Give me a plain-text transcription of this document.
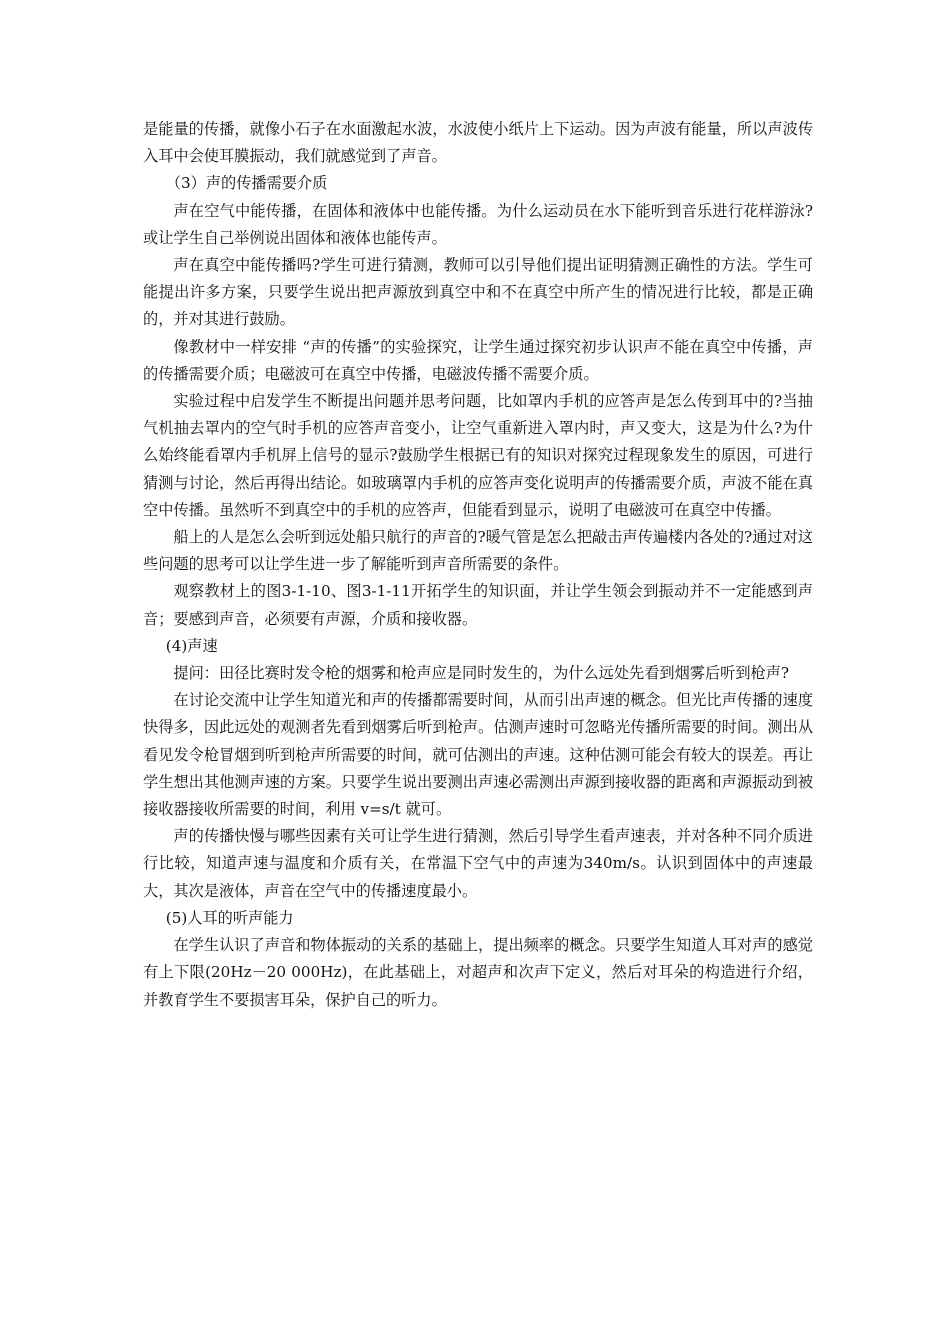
是能量的传播，就像小石子在水面激起水波，水波使小纸片上下运动。因为声波有能量，所以声波传入耳中会使耳膜振动，我们就感觉到了声音。

（3）声的传播需要介质

声在空气中能传播，在固体和液体中也能传播。为什么运动员在水下能听到音乐进行花样游泳?或让学生自己举例说出固体和液体也能传声。

声在真空中能传播吗?学生可进行猜测，教师可以引导他们提出证明猜测正确性的方法。学生可能提出许多方案，只要学生说出把声源放到真空中和不在真空中所产生的情况进行比较，都是正确的，并对其进行鼓励。

像教材中一样安排 “声的传播”的实验探究，让学生通过探究初步认识声不能在真空中传播，声的传播需要介质；电磁波可在真空中传播，电磁波传播不需要介质。

实验过程中启发学生不断提出问题并思考问题，比如罩内手机的应答声是怎么传到耳中的?当抽气机抽去罩内的空气时手机的应答声音变小，让空气重新进入罩内时，声又变大，这是为什么?为什么始终能看罩内手机屏上信号的显示?鼓励学生根据已有的知识对探究过程现象发生的原因，可进行猜测与讨论，然后再得出结论。如玻璃罩内手机的应答声变化说明声的传播需要介质，声波不能在真空中传播。虽然听不到真空中的手机的应答声，但能看到显示，说明了电磁波可在真空中传播。

船上的人是怎么会听到远处船只航行的声音的?暖气管是怎么把敲击声传遍楼内各处的?通过对这些问题的思考可以让学生进一步了解能听到声音所需要的条件。

观察教材上的图3-1-10、图3-1-11开拓学生的知识面，并让学生领会到振动并不一定能感到声音；要感到声音，必须要有声源，介质和接收器。

(4)声速

提问：田径比赛时发令枪的烟雾和枪声应是同时发生的，为什么远处先看到烟雾后听到枪声?

在讨论交流中让学生知道光和声的传播都需要时间，从而引出声速的概念。但光比声传播的速度快得多，因此远处的观测者先看到烟雾后听到枪声。估测声速时可忽略光传播所需要的时间。测出从看见发令枪冒烟到听到枪声所需要的时间，就可估测出的声速。这种估测可能会有较大的误差。再让学生想出其他测声速的方案。只要学生说出要测出声速必需测出声源到接收器的距离和声源振动到被接收器接收所需要的时间，利用 v=s/t 就可。

声的传播快慢与哪些因素有关可让学生进行猜测，然后引导学生看声速表，并对各种不同介质进行比较，知道声速与温度和介质有关，在常温下空气中的声速为340m/s。认识到固体中的声速最大，其次是液体，声音在空气中的传播速度最小。

(5)人耳的听声能力

在学生认识了声音和物体振动的关系的基础上，提出频率的概念。只要学生知道人耳对声的感觉有上下限(20Hz－20 000Hz)，在此基础上，对超声和次声下定义，然后对耳朵的构造进行介绍，并教育学生不要损害耳朵，保护自己的听力。
